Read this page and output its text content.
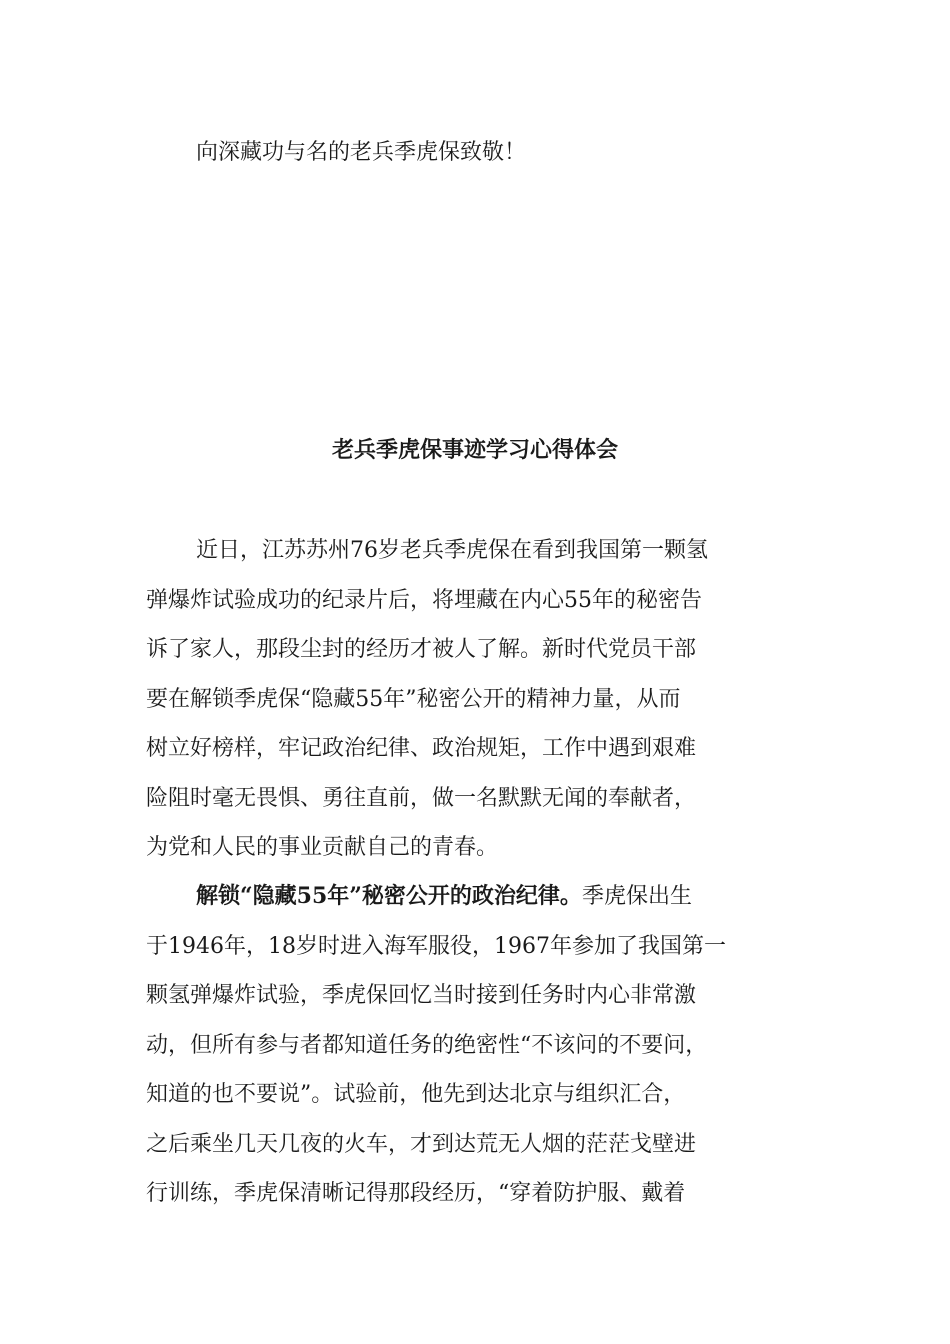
向深藏功与名的老兵季虎保致敬！
老兵季虎保事迹学习心得体会
近日，江苏苏州76岁老兵季虎保在看到我国第一颗氢
弹爆炸试验成功的纪录片后，将埋藏在内心55年的秘密告
诉了家人，那段尘封的经历才被人了解。新时代党员干部
要在解锁季虎保“隐藏55年”秘密公开的精神力量，从而
树立好榜样，牢记政治纪律、政治规矩，工作中遇到艰难
险阻时毫无畏惧、勇往直前，做一名默默无闻的奉献者，
为党和人民的事业贡献自己的青春。
解锁“隐藏55年”秘密公开的政治纪律。季虎保出生
于1946年，18岁时进入海军服役，1967年参加了我国第一
颗氢弹爆炸试验，季虎保回忆当时接到任务时内心非常激
动，但所有参与者都知道任务的绝密性“不该问的不要问，
知道的也不要说”。试验前，他先到达北京与组织汇合，
之后乘坐几天几夜的火车，才到达荒无人烟的茫茫戈壁进
行训练，季虎保清晰记得那段经历，“穿着防护服、戴着
